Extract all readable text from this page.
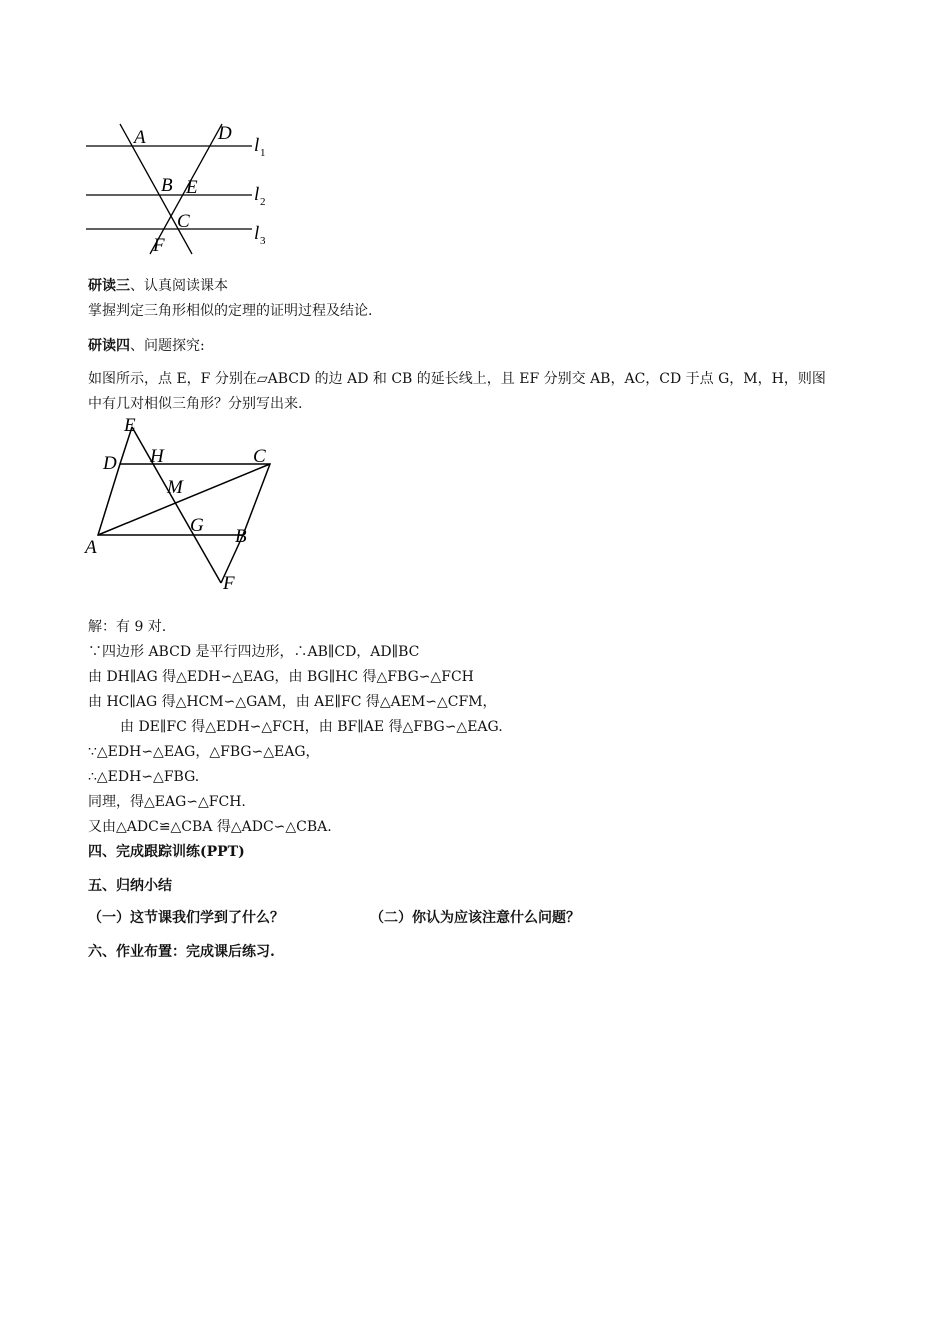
A	D
B E
C
F
l 1
l 2
l 3
研读三、认真阅读课本
掌握判定三角形相似的定理的证明过程及结论.
研读四、问题探究:
如图所示，点 E，F 分别在▱ABCD 的边 AD 和 CB 的延长线上，且 EF 分别交 AB，AC，CD 于点 G，M，H，则图
中有几对相似三角形？分别写出来.
E
D H	C
M
G
A
B
F
解：有 9 对.
∵四边形 ABCD 是平行四边形，∴AB∥CD，AD∥BC
由 DH∥AG 得△EDH∽△EAG，由 BG∥HC 得△FBG∽△FCH
由 HC∥AG 得△HCM∽△GAM，由 AE∥FC 得△AEM∽△CFM，
由 DE∥FC 得△EDH∽△FCH，由 BF∥AE 得△FBG∽△EAG.
∵△EDH∽△EAG，△FBG∽△EAG，
∴△EDH∽△FBG.
同理，得△EAG∽△FCH.
又由△ADC≌△CBA 得△ADC∽△CBA.
四、完成跟踪训练(PPT)
五、归纳小结
（一）这节课我们学到了什么？	（二）你认为应该注意什么问题？
六、作业布置：完成课后练习.
